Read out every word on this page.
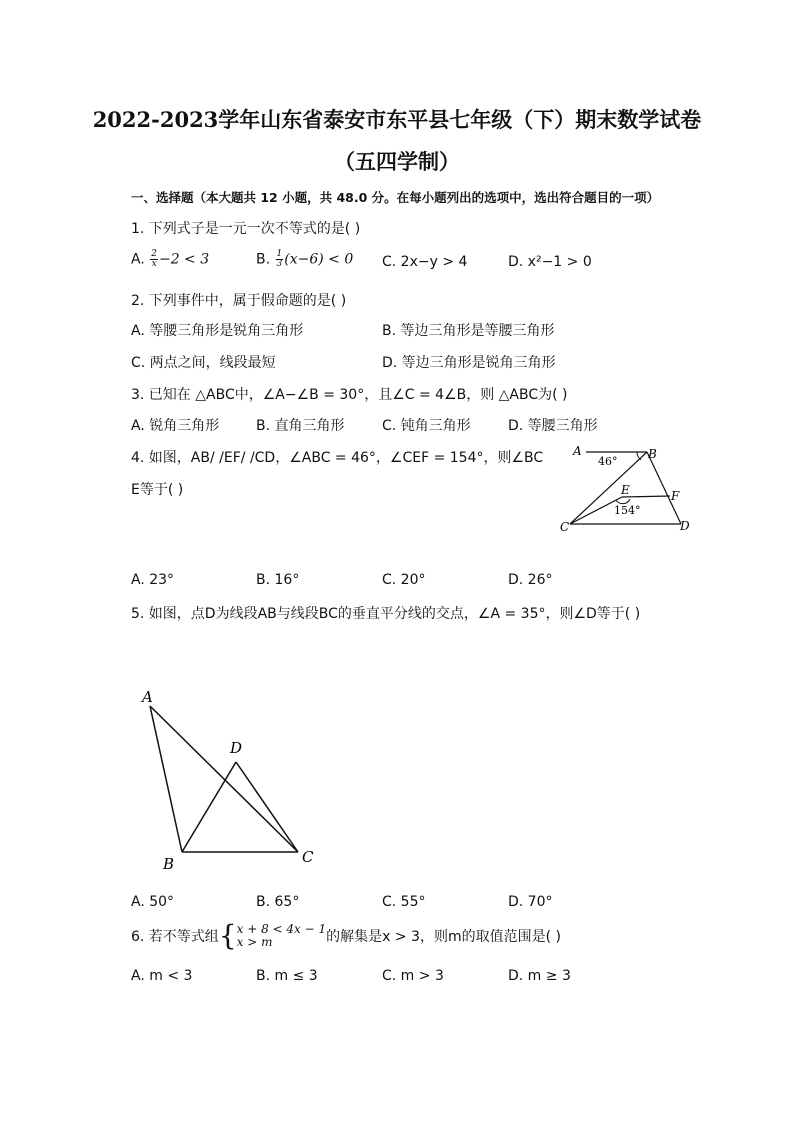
2022-2023学年山东省泰安市东平县七年级（下）期末数学试卷
（五四学制）
一、选择题（本大题共 12 小题，共 48.0 分。在每小题列出的选项中，选出符合题目的一项）
1. 下列式子是一元一次不等式的是( )
A. $\frac{2}{x} -2 < 3$	B. $\frac{1}{3} (x-6) < 0$ C. 2x−y > 4	D. x²−1 > 0
2. 下列事件中，属于假命题的是( )
A. 等腰三角形是锐角三角形	B. 等边三角形是等腰三角形
C. 两点之间，线段最短	D. 等边三角形是锐角三角形
3. 已知在 △ABC中，∠A−∠B = 30°，且∠C = 4∠B，则 △ABC为( )
A. 锐角三角形	B. 直角三角形	C. 钝角三角形	D. 等腰三角形
4. 如图，AB/ /EF/ /CD，∠ABC = 46°，∠CEF = 154°，则∠BC
E等于( )
A	B
C	D
E	F
46°
154°
A. 23°	B. 16°	C. 20°	D. 26°
5. 如图，点D为线段AB与线段BC的垂直平分线的交点，∠A = 35°，则∠D等于( )
A
B	C
D
A. 50°	B. 65°	C. 55°	D. 70°
6. 若不等式组 { x + 8 < 4x − 1
x > m	的解集是x > 3，则m的取值范围是( )
A. m < 3	B. m ≤ 3	C. m > 3	D. m ≥ 3
